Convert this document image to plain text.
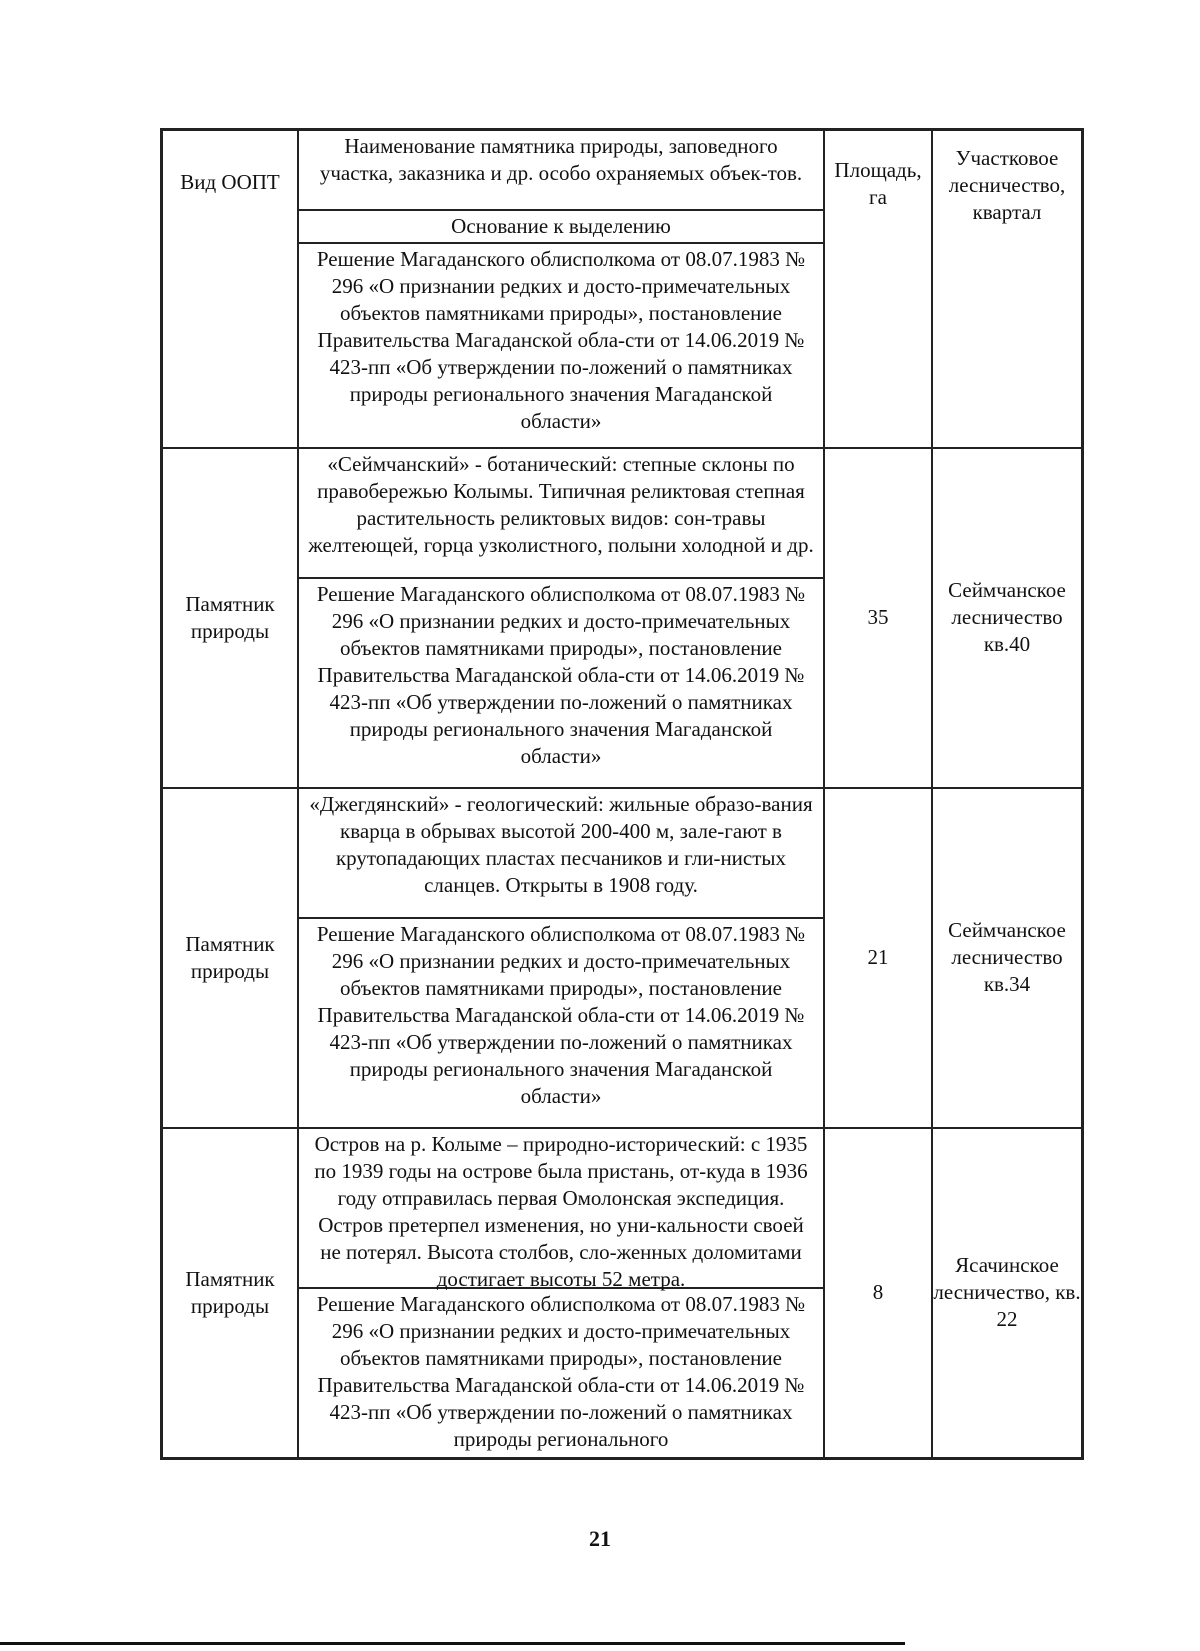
Вид ООПТ	Наименование памятника природы, заповедного участка, заказника и др. особо охраняемых объек-тов.
Основание к выделению
Решение Магаданского облисполкома от 08.07.1983 № 296 «О признании редких и досто-примечательных объектов памятниками природы», постановление Правительства Магаданской обла-сти от 14.06.2019 № 423-пп «Об утверждении по-ложений о памятниках природы регионального значения Магаданской области»	Площадь, га	Участковое лесничество, квартал
Памятник природы	«Сеймчанский» - ботанический: степные склоны по правобережью Колымы. Типичная реликтовая степная растительность реликтовых видов: сон-травы желтеющей, горца узколистного, полыни холодной и др.
Решение Магаданского облисполкома от 08.07.1983 № 296 «О признании редких и досто-примечательных объектов памятниками природы», постановление Правительства Магаданской обла-сти от 14.06.2019 № 423-пп «Об утверждении по-ложений о памятниках природы регионального значения Магаданской области»	35	Сеймчанское лесничество кв.40
Памятник природы	«Джегдянский» - геологический: жильные образо-вания кварца в обрывах высотой 200-400 м, зале-гают в крутопадающих пластах песчаников и гли-нистых сланцев. Открыты в 1908 году.
Решение Магаданского облисполкома от 08.07.1983 № 296 «О признании редких и досто-примечательных объектов памятниками природы», постановление Правительства Магаданской обла-сти от 14.06.2019 № 423-пп «Об утверждении по-ложений о памятниках природы регионального значения Магаданской области»	21	Сеймчанское лесничество кв.34
Памятник природы	Остров на р. Колыме – природно-исторический: с 1935 по 1939 годы на острове была пристань, от-куда в 1936 году отправилась первая Омолонская экспедиция. Остров претерпел изменения, но уни-кальности своей не потерял. Высота столбов, сло-женных доломитами достигает высоты 52 метра.
Решение Магаданского облисполкома от 08.07.1983 № 296 «О признании редких и досто-примечательных объектов памятниками природы», постановление Правительства Магаданской обла-сти от 14.06.2019 № 423-пп «Об утверждении по-ложений о памятниках природы регионального	8	Ясачинское лесничество, кв. 22
21
